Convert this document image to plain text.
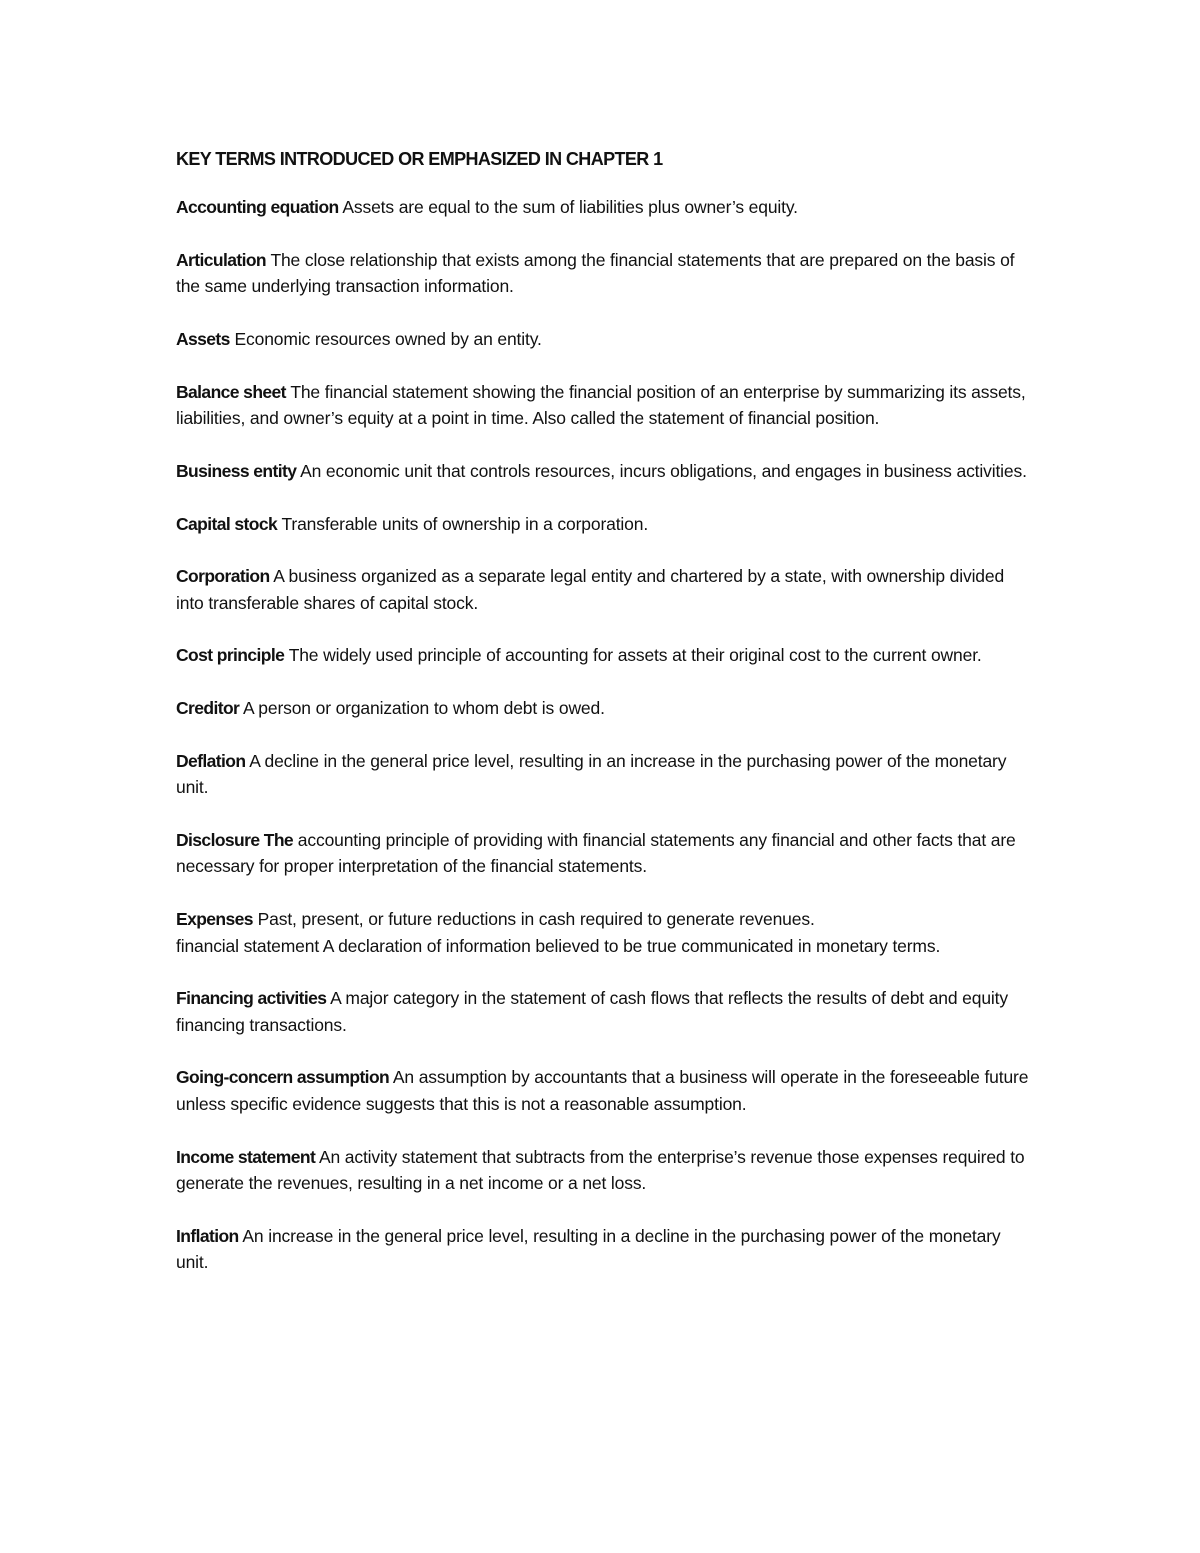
KEY TERMS INTRODUCED OR EMPHASIZED IN CHAPTER 1

Accounting equation Assets are equal to the sum of liabilities plus owner’s equity.

Articulation The close relationship that exists among the financial statements that are prepared on the basis of the same underlying transaction information.

Assets Economic resources owned by an entity.

Balance sheet The financial statement showing the financial position of an enterprise by summarizing its assets, liabilities, and owner’s equity at a point in time. Also called the statement of financial position.

Business entity An economic unit that controls resources, incurs obligations, and engages in business activities.

Capital stock Transferable units of ownership in a corporation.

Corporation A business organized as a separate legal entity and chartered by a state, with ownership divided into transferable shares of capital stock.

Cost principle The widely used principle of accounting for assets at their original cost to the current owner.

Creditor A person or organization to whom debt is owed.

Deflation A decline in the general price level, resulting in an increase in the purchasing power of the monetary unit.

Disclosure The accounting principle of providing with financial statements any financial and other facts that are necessary for proper interpretation of the financial statements.

Expenses Past, present, or future reductions in cash required to generate revenues.

financial statement A declaration of information believed to be true communicated in monetary terms.

Financing activities A major category in the statement of cash flows that reflects the results of debt and equity financing transactions.

Going-concern assumption An assumption by accountants that a business will operate in the foreseeable future unless specific evidence suggests that this is not a reasonable assumption.

Income statement An activity statement that subtracts from the enterprise’s revenue those expenses required to generate the revenues, resulting in a net income or a net loss.

Inflation An increase in the general price level, resulting in a decline in the purchasing power of the monetary unit.
